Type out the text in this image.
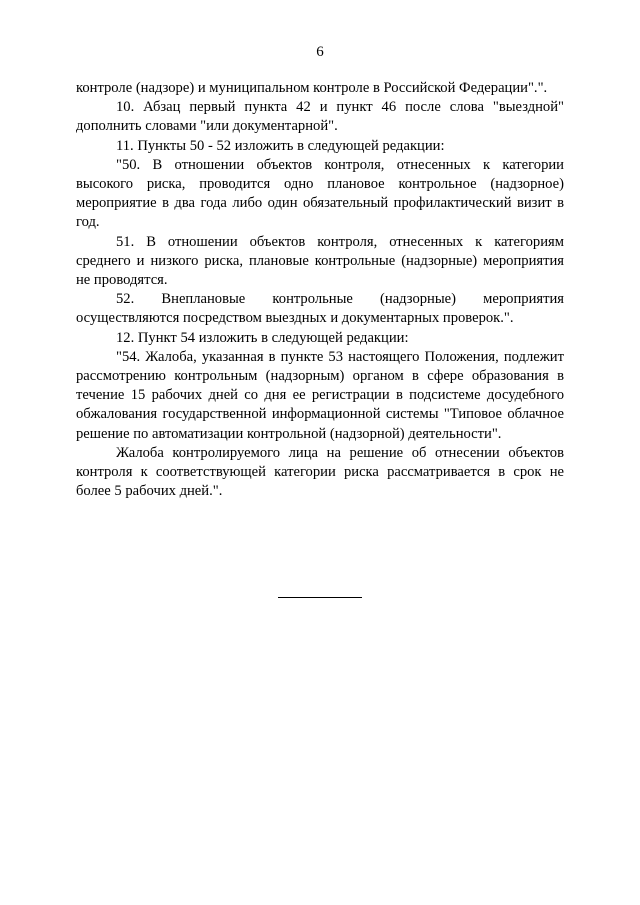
6

контроле (надзоре) и муниципальном контроле в Российской Федерации".".

10. Абзац первый пункта 42 и пункт 46 после слова "выездной" дополнить словами "или документарной".

11. Пункты 50 - 52 изложить в следующей редакции:

"50. В отношении объектов контроля, отнесенных к категории высокого риска, проводится одно плановое контрольное (надзорное) мероприятие в два года либо один обязательный профилактический визит в год.

51. В отношении объектов контроля, отнесенных к категориям среднего и низкого риска, плановые контрольные (надзорные) мероприятия не проводятся.

52. Внеплановые контрольные (надзорные) мероприятия осуществляются посредством выездных и документарных проверок.".

12. Пункт 54 изложить в следующей редакции:

"54. Жалоба, указанная в пункте 53 настоящего Положения, подлежит рассмотрению контрольным (надзорным) органом в сфере образования в течение 15 рабочих дней со дня ее регистрации в подсистеме досудебного обжалования государственной информационной системы "Типовое облачное решение по автоматизации контрольной (надзорной) деятельности".

Жалоба контролируемого лица на решение об отнесении объектов контроля к соответствующей категории риска рассматривается в срок не более 5 рабочих дней.".
